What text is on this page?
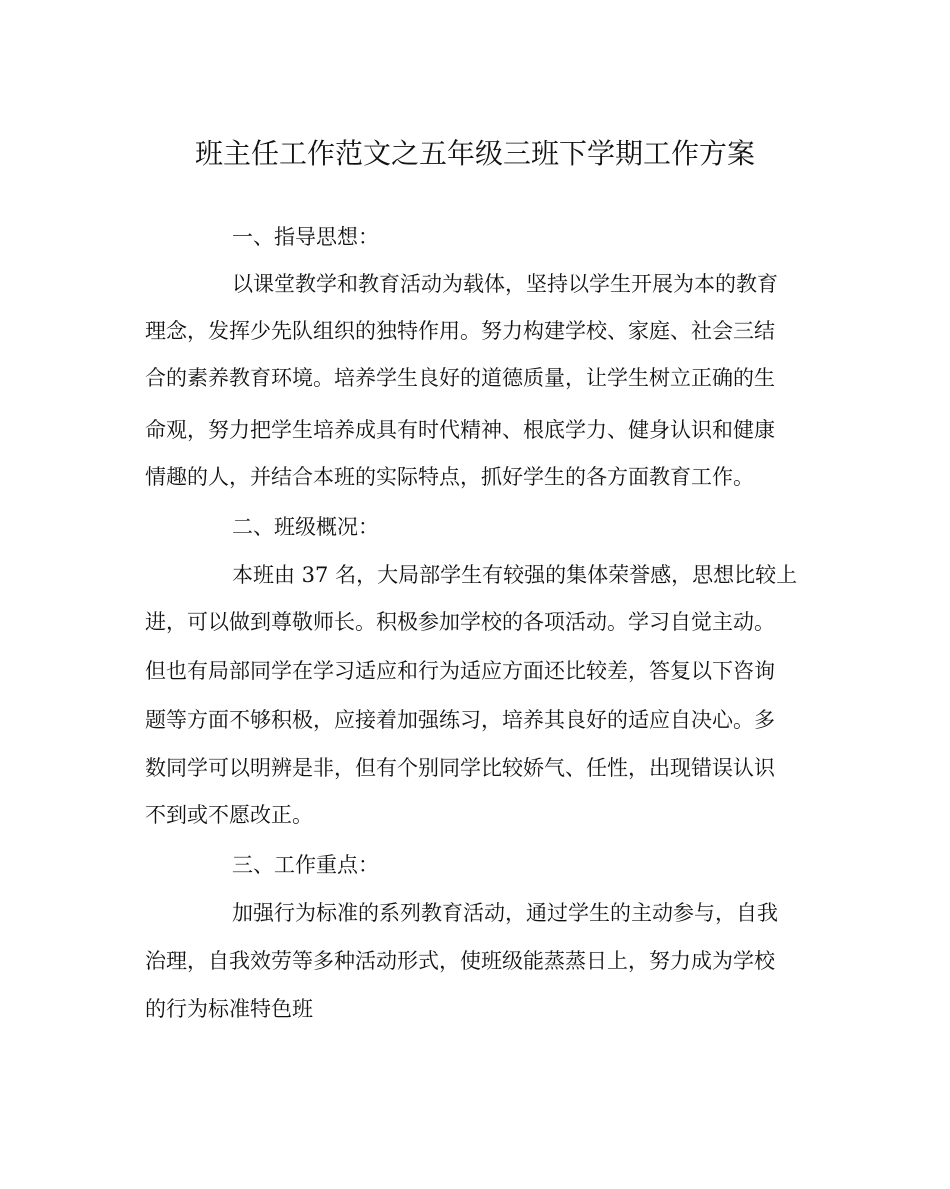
班主任工作范文之五年级三班下学期工作方案
一、指导思想：
以课堂教学和教育活动为载体，坚持以学生开展为本的教育
理念，发挥少先队组织的独特作用。努力构建学校、家庭、社会三结
合的素养教育环境。培养学生良好的道德质量，让学生树立正确的生
命观，努力把学生培养成具有时代精神、根底学力、健身认识和健康
情趣的人，并结合本班的实际特点，抓好学生的各方面教育工作。
二、班级概况：
本班由 37 名，大局部学生有较强的集体荣誉感，思想比较上
进，可以做到尊敬师长。积极参加学校的各项活动。学习自觉主动。
但也有局部同学在学习适应和行为适应方面还比较差，答复以下咨询
题等方面不够积极，应接着加强练习，培养其良好的适应自决心。多
数同学可以明辨是非，但有个别同学比较娇气、任性，出现错误认识
不到或不愿改正。
三、工作重点：
加强行为标准的系列教育活动，通过学生的主动参与，自我
治理，自我效劳等多种活动形式，使班级能蒸蒸日上，努力成为学校
的行为标准特色班
